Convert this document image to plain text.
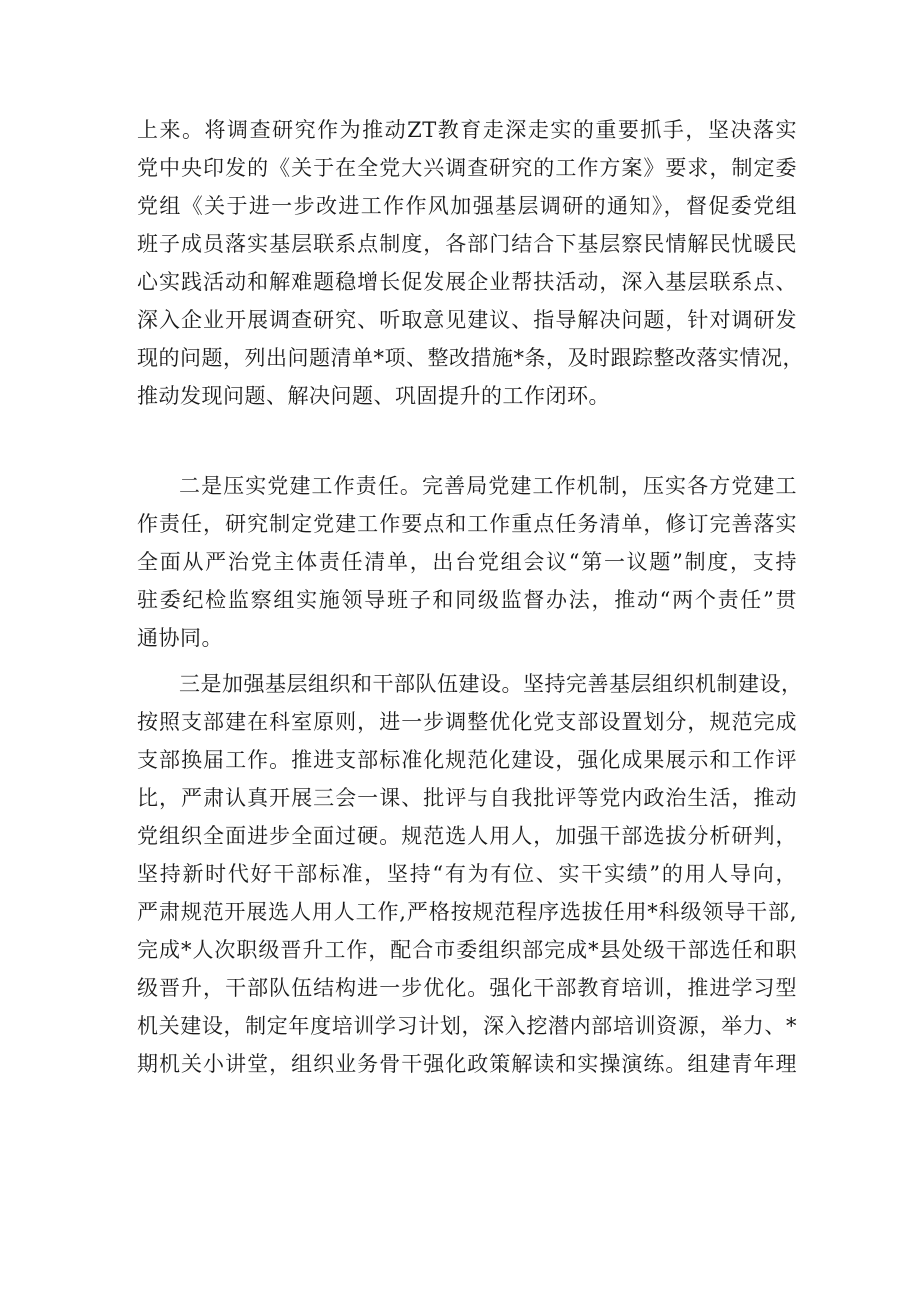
上来。将调查研究作为推动ZT教育走深走实的重要抓手，坚决落实
党中央印发的《关于在全党大兴调查研究的工作方案》要求，制定委
党组《关于进一步改进工作作风加强基层调研的通知》，督促委党组
班子成员落实基层联系点制度，各部门结合下基层察民情解民忧暖民
心实践活动和解难题稳增长促发展企业帮扶活动，深入基层联系点、
深入企业开展调查研究、听取意见建议、指导解决问题，针对调研发
现的问题，列出问题清单*项、整改措施*条，及时跟踪整改落实情况，
推动发现问题、解决问题、巩固提升的工作闭环。
二是压实党建工作责任。完善局党建工作机制，压实各方党建工
作责任，研究制定党建工作要点和工作重点任务清单，修订完善落实
全面从严治党主体责任清单，出台党组会议“第一议题”制度，支持
驻委纪检监察组实施领导班子和同级监督办法，推动“两个责任”贯
通协同。
三是加强基层组织和干部队伍建设。坚持完善基层组织机制建设，
按照支部建在科室原则，进一步调整优化党支部设置划分，规范完成
支部换届工作。推进支部标准化规范化建设，强化成果展示和工作评
比，严肃认真开展三会一课、批评与自我批评等党内政治生活，推动
党组织全面进步全面过硬。规范选人用人，加强干部选拔分析研判，
坚持新时代好干部标准，坚持“有为有位、实干实绩”的用人导向，
严肃规范开展选人用人工作,严格按规范程序选拔任用*科级领导干部,
完成*人次职级晋升工作，配合市委组织部完成*县处级干部选任和职
级晋升，干部队伍结构进一步优化。强化干部教育培训，推进学习型
机关建设，制定年度培训学习计划，深入挖潜内部培训资源，举力、*
期机关小讲堂，组织业务骨干强化政策解读和实操演练。组建青年理
